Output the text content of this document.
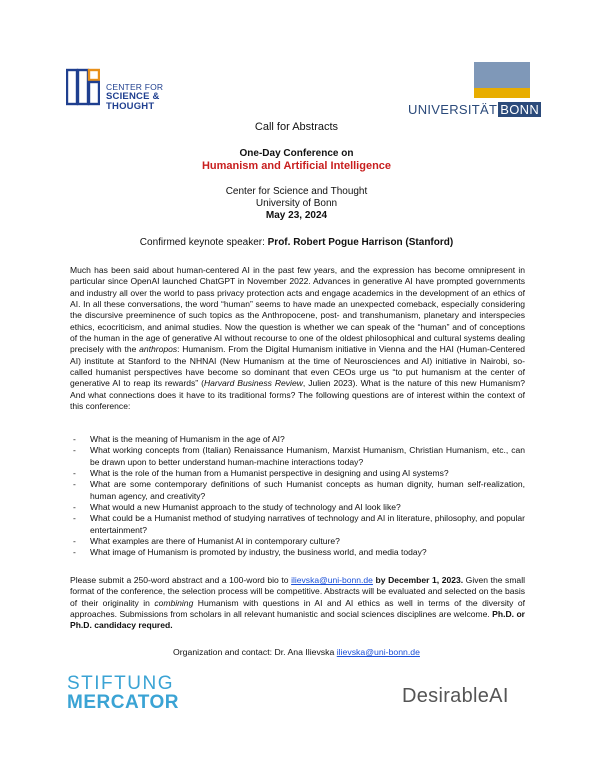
CENTER FOR
SCIENCE & THOUGHT	UNIVERSITÄT BONN
Call for Abstracts
One-Day Conference on
Humanism and Artificial Intelligence
Center for Science and Thought
University of Bonn
May 23, 2024
Confirmed keynote speaker: Prof. Robert Pogue Harrison (Stanford)
Much has been said about human-centered AI in the past few years, and the expression has become omnipresent in particular since OpenAI launched ChatGPT in November 2022. Advances in generative AI have prompted governments and industry all over the world to pass privacy protection acts and engage academics in the development of an ethics of AI. In all these conversations, the word “human” seems to have made an unexpected comeback, especially considering the discursive preeminence of such topics as the Anthropocene, post- and transhumanism, planetary and interspecies ethics, ecocriticism, and animal studies. Now the question is whether we can speak of the “human” and of conceptions of the human in the age of generative AI without recourse to one of the oldest philosophical and cultural systems dealing precisely with the anthropos: Humanism. From the Digital Humanism initiative in Vienna and the HAI (Human-Centered AI) institute at Stanford to the NHNAI (New Humanism at the time of Neurosciences and AI) initiative in Nairobi, so-called humanist perspectives have become so dominant that even CEOs urge us “to put humanism at the center of generative AI to reap its rewards” (Harvard Business Review, Julien 2023). What is the nature of this new Humanism? And what connections does it have to its traditional forms? The following questions are of interest within the context of this conference:
- What is the meaning of Humanism in the age of AI?
- What working concepts from (Italian) Renaissance Humanism, Marxist Humanism, Christian Humanism, etc., can be drawn upon to better understand human-machine interactions today?
- What is the role of the human from a Humanist perspective in designing and using AI systems?
- What are some contemporary definitions of such Humanist concepts as human dignity, human self-realization, human agency, and creativity?
- What would a new Humanist approach to the study of technology and AI look like?
- What could be a Humanist method of studying narratives of technology and AI in literature, philosophy, and popular entertainment?
- What examples are there of Humanist AI in contemporary culture?
- What image of Humanism is promoted by industry, the business world, and media today?
Please submit a 250-word abstract and a 100-word bio to ilievska@uni-bonn.de by December 1, 2023. Given the small format of the conference, the selection process will be competitive. Abstracts will be evaluated and selected on the basis of their originality in combining Humanism with questions in AI and AI ethics as well in terms of the diversity of approaches. Submissions from scholars in all relevant humanistic and social sciences disciplines are welcome. Ph.D. or Ph.D. candidacy requred.
Organization and contact: Dr. Ana Ilievska ilievska@uni-bonn.de
STIFTUNG
MERCATOR	DesirableAI
